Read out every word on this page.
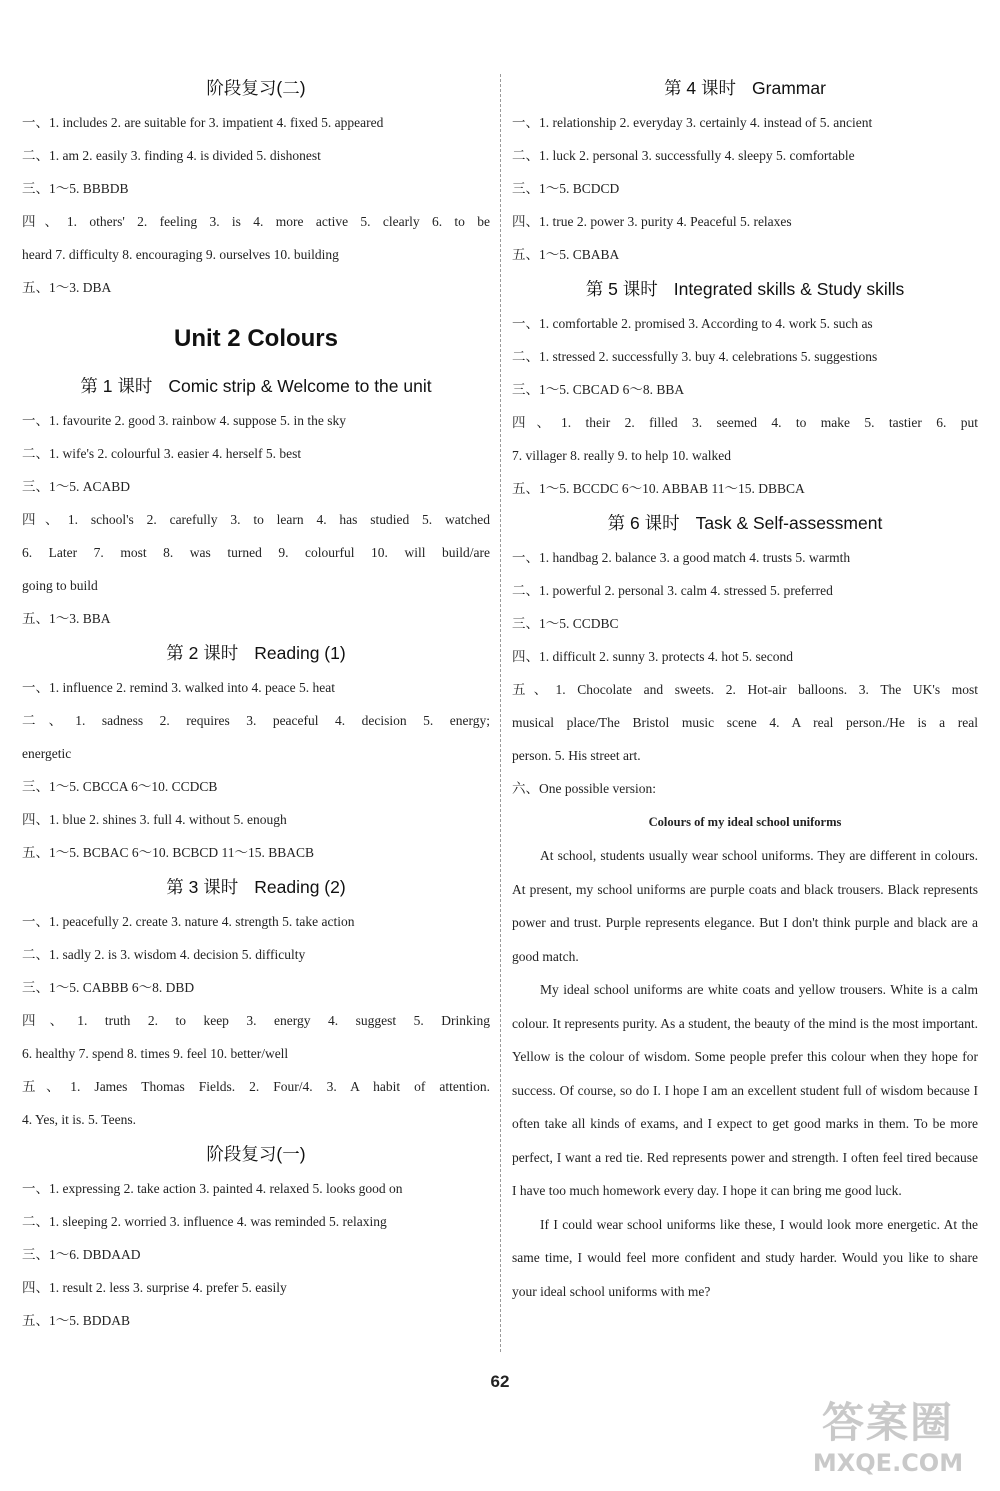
阶段复习(二)
一、1. includes 2. are suitable for 3. impatient 4. fixed 5. appeared
二、1. am 2. easily 3. finding 4. is divided 5. dishonest
三、1～5. BBBDB
四、1. others' 2. feeling 3. is 4. more active 5. clearly 6. to be
heard 7. difficulty 8. encouraging 9. ourselves 10. building
五、1～3. DBA
Unit 2 Colours
第 1 课时 Comic strip & Welcome to the unit
一、1. favourite 2. good 3. rainbow 4. suppose 5. in the sky
二、1. wife's 2. colourful 3. easier 4. herself 5. best
三、1～5. ACABD
四、1. school's 2. carefully 3. to learn 4. has studied 5. watched
6. Later 7. most 8. was turned 9. colourful 10. will build/are
going to build
五、1～3. BBA
第 2 课时 Reading (1)
一、1. influence 2. remind 3. walked into 4. peace 5. heat
二、1. sadness 2. requires 3. peaceful 4. decision 5. energy;
energetic
三、1～5. CBCCA 6～10. CCDCB
四、1. blue 2. shines 3. full 4. without 5. enough
五、1～5. BCBAC 6～10. BCBCD 11～15. BBACB
第 3 课时 Reading (2)
一、1. peacefully 2. create 3. nature 4. strength 5. take action
二、1. sadly 2. is 3. wisdom 4. decision 5. difficulty
三、1～5. CABBB 6～8. DBD
四、1. truth 2. to keep 3. energy 4. suggest 5. Drinking
6. healthy 7. spend 8. times 9. feel 10. better/well
五、1. James Thomas Fields. 2. Four/4. 3. A habit of attention.
4. Yes, it is. 5. Teens.
阶段复习(一)
一、1. expressing 2. take action 3. painted 4. relaxed 5. looks good on
二、1. sleeping 2. worried 3. influence 4. was reminded 5. relaxing
三、1～6. DBDAAD
四、1. result 2. less 3. surprise 4. prefer 5. easily
五、1～5. BDDAB
第 4 课时 Grammar
一、1. relationship 2. everyday 3. certainly 4. instead of 5. ancient
二、1. luck 2. personal 3. successfully 4. sleepy 5. comfortable
三、1～5. BCDCD
四、1. true 2. power 3. purity 4. Peaceful 5. relaxes
五、1～5. CBABA
第 5 课时 Integrated skills & Study skills
一、1. comfortable 2. promised 3. According to 4. work 5. such as
二、1. stressed 2. successfully 3. buy 4. celebrations 5. suggestions
三、1～5. CBCAD 6～8. BBA
四、1. their 2. filled 3. seemed 4. to make 5. tastier 6. put
7. villager 8. really 9. to help 10. walked
五、1～5. BCCDC 6～10. ABBAB 11～15. DBBCA
第 6 课时 Task & Self-assessment
一、1. handbag 2. balance 3. a good match 4. trusts 5. warmth
二、1. powerful 2. personal 3. calm 4. stressed 5. preferred
三、1～5. CCDBC
四、1. difficult 2. sunny 3. protects 4. hot 5. second
五、1. Chocolate and sweets. 2. Hot-air balloons. 3. The UK's most
musical place/The Bristol music scene 4. A real person./He is a real
person. 5. His street art.
六、One possible version:
Colours of my ideal school uniforms

At school, students usually wear school uniforms. They are different in colours. At present, my school uniforms are purple coats and black trousers. Black represents power and trust. Purple represents elegance. But I don't think purple and black are a good match.

My ideal school uniforms are white coats and yellow trousers. White is a calm colour. It represents purity. As a student, the beauty of the mind is the most important. Yellow is the colour of wisdom. Some people prefer this colour when they hope for success. Of course, so do I. I hope I am an excellent student full of wisdom because I often take all kinds of exams, and I expect to get good marks in them. To be more perfect, I want a red tie. Red represents power and strength. I often feel tired because I have too much homework every day. I hope it can bring me good luck.

If I could wear school uniforms like these, I would look more energetic. At the same time, I would feel more confident and study harder. Would you like to share your ideal school uniforms with me?

62
答案圈
MXQE.COM
